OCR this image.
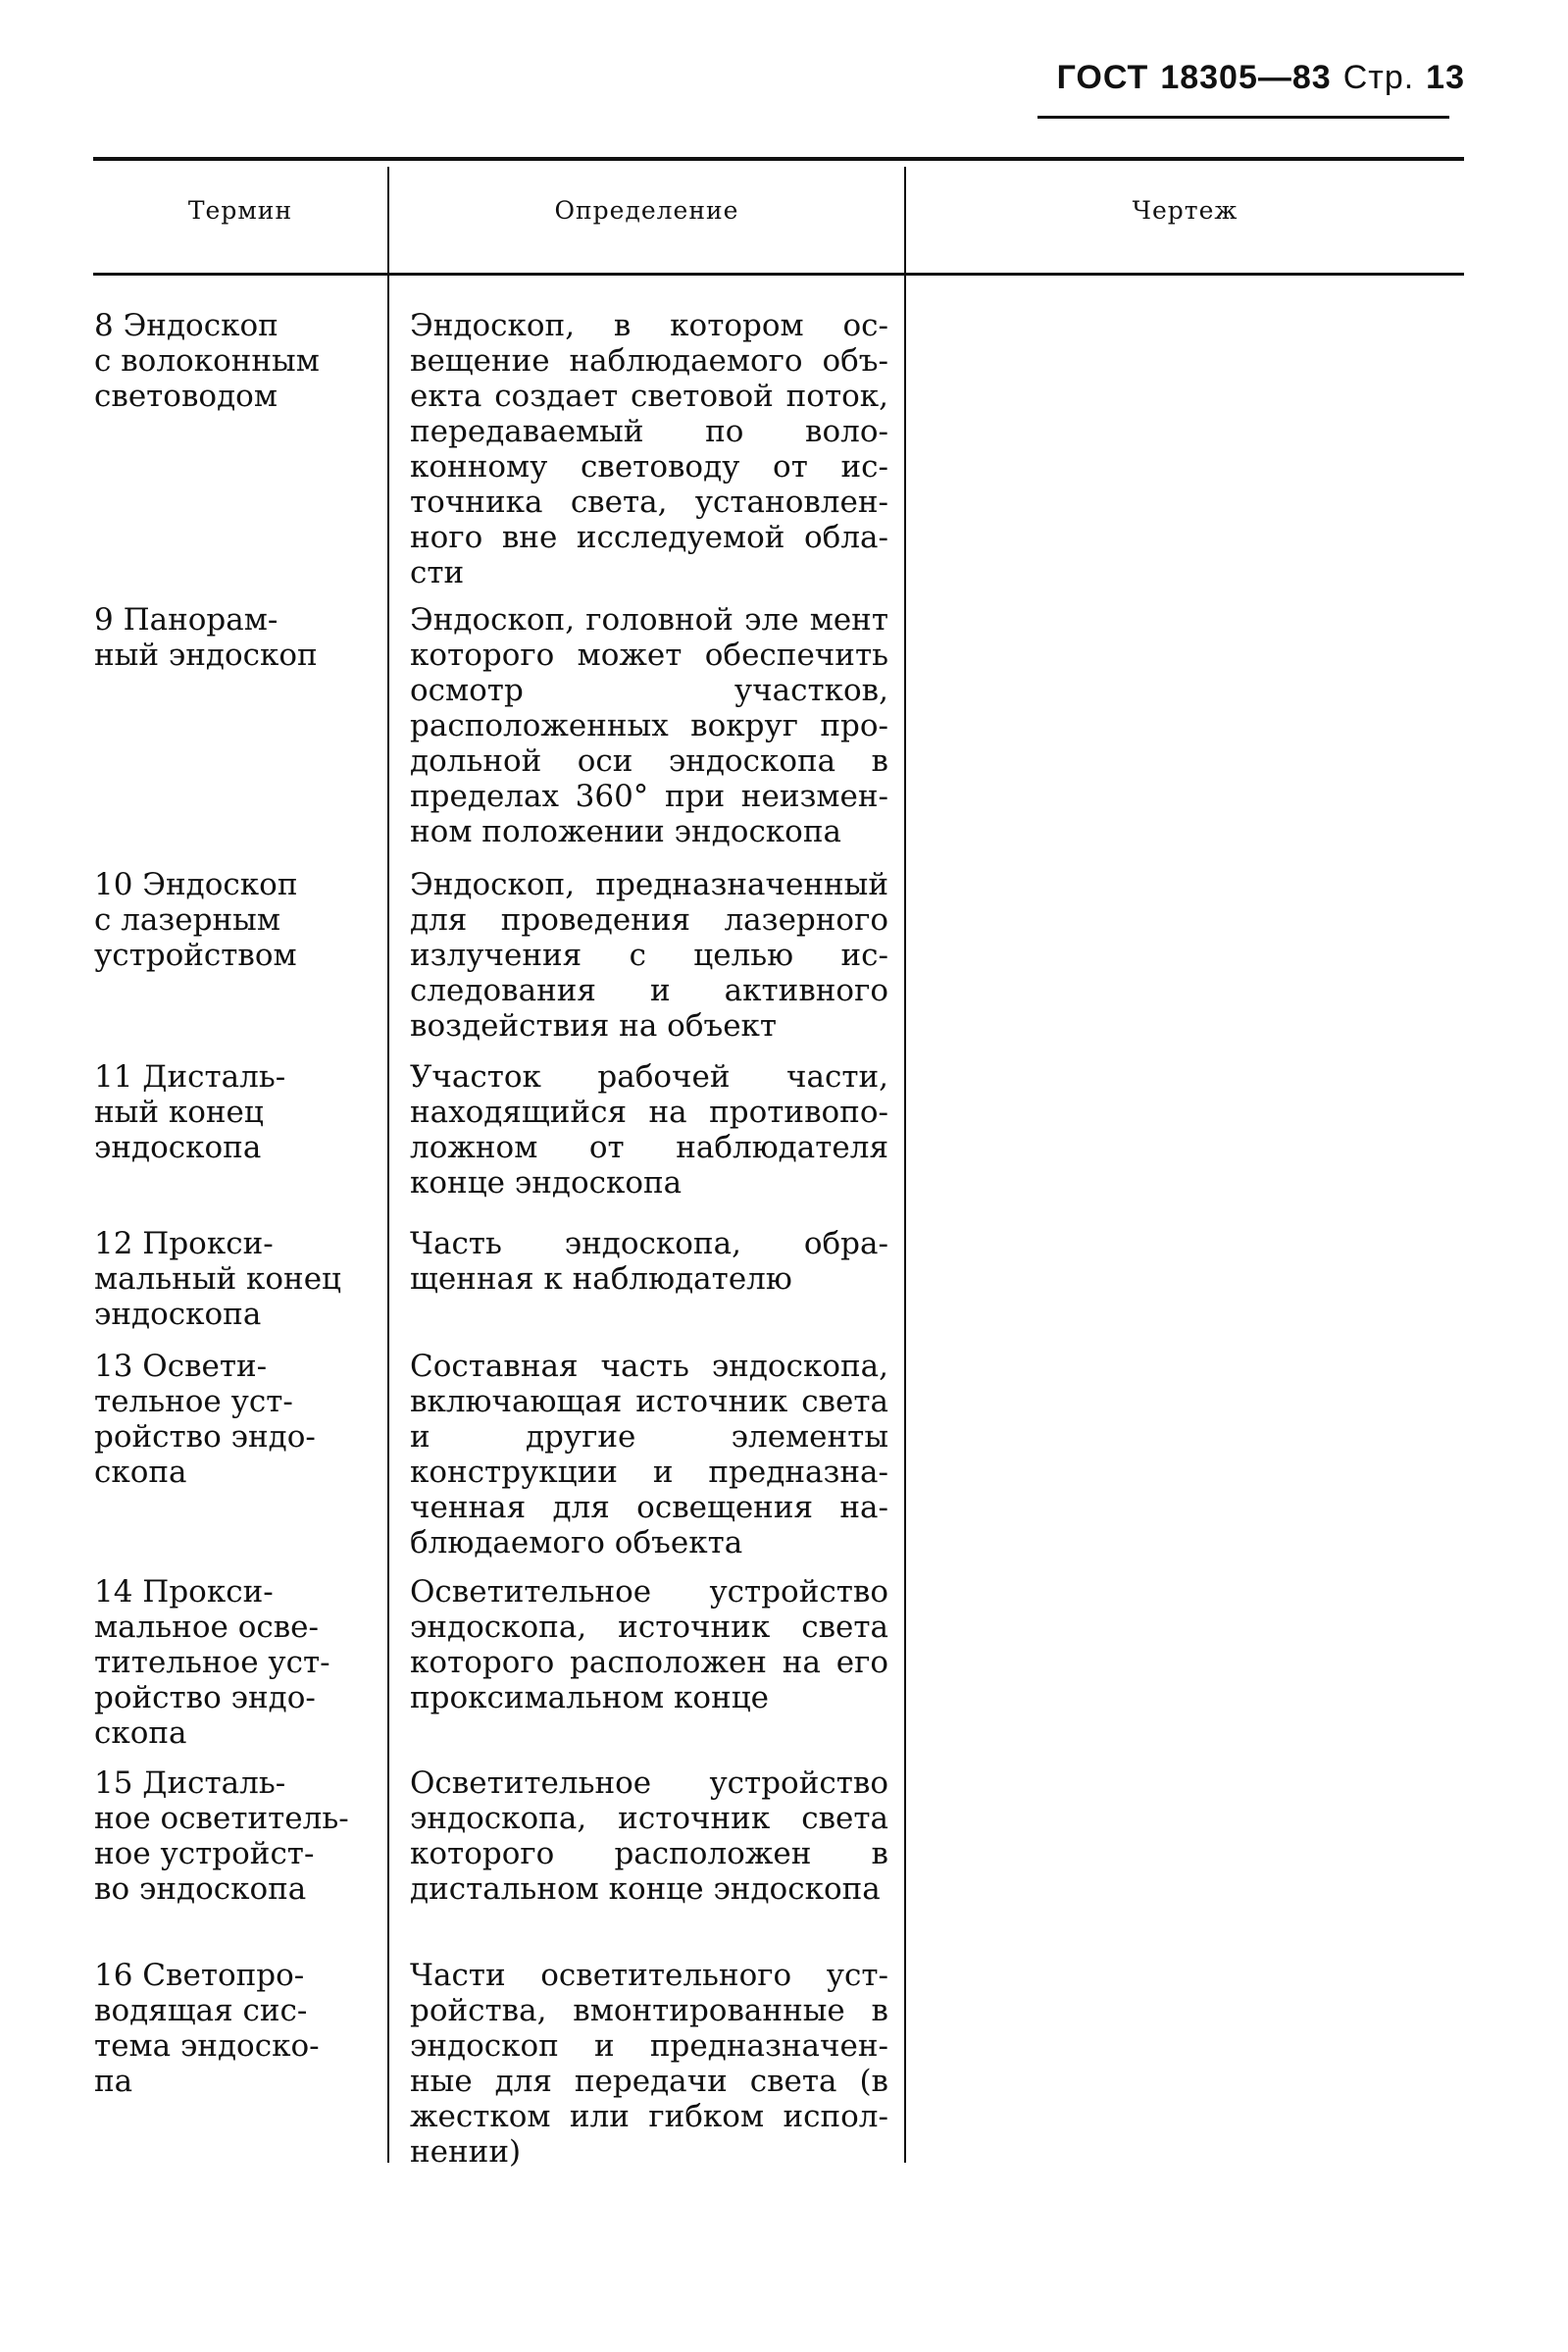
ГОСТ 18305—83 Стр. 13
Термин	Определение	Чертеж
8 Эндоскоп
с волоконным
световодом
Эндоскоп, в котором освещение наблюдаемого объекта создает световой поток, передаваемый по волоконному световоду от источника света, установленного вне исследуемой области
9 Панорам-
ный эндоскоп
Эндоскоп, головной эле мент которого может обеспечить осмотр участков, расположенных вокруг продольной оси эндоскопа в пределах 360° при неизменном положении эндоскопа
10 Эндоскоп
с лазерным
устройством
Эндоскоп, предназначенный для проведения лазерного излучения с целью исследования и активного воздействия на объект
11 Дисталь-
ный конец
эндоскопа
Участок рабочей части, находящийся на противоположном от наблюдателя конце эндоскопа
12 Прокси-
мальный конец
эндоскопа
Часть эндоскопа, обращенная к наблюдателю
13 Освети-
тельное уст-
ройство эндо-
скопа
Составная часть эндоскопа, включающая источник света и другие элементы конструкции и предназначенная для освещения наблюдаемого объекта
14 Прокси-
мальное осве-
тительное уст-
ройство эндо-
скопа
Осветительное устройство эндоскопа, источник света которого расположен на его проксимальном конце
15 Дисталь-
ное осветитель-
ное устройст-
во эндоскопа
Осветительное устройство эндоскопа, источник света которого расположен в дистальном конце эндоскопа
16 Светопро-
водящая сис-
тема эндоско-
па
Части осветительного устройства, вмонтированные в эндоскоп и предназначенные для передачи света (в жестком или гибком исполнении)
